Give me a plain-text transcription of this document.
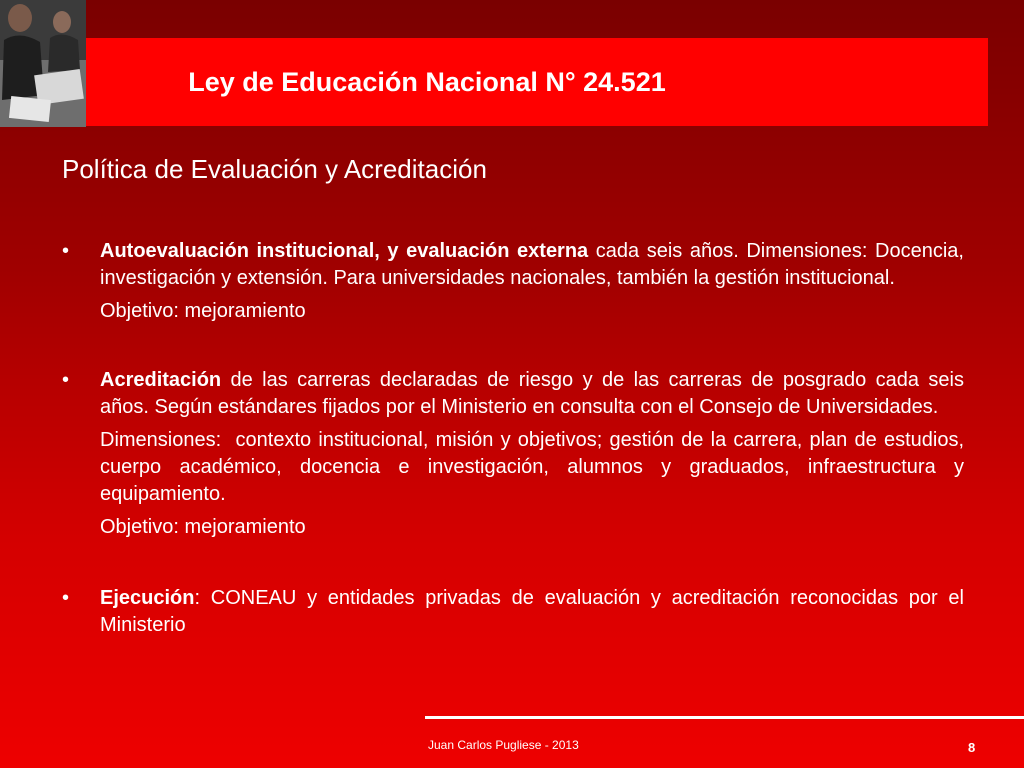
Ley de Educación Nacional N° 24.521
Política de Evaluación y Acreditación
• Autoevaluación institucional, y evaluación externa cada seis años. Dimensiones: Docencia, investigación y extensión. Para universidades nacionales, también la gestión institucional.

Objetivo: mejoramiento

• Acreditación de las carreras declaradas de riesgo y de las carreras de posgrado cada seis años. Según estándares fijados por el Ministerio en consulta con el Consejo de Universidades.

Dimensiones:  contexto institucional, misión y objetivos; gestión de la carrera, plan de estudios, cuerpo académico, docencia e investigación, alumnos y graduados, infraestructura y equipamiento.

Objetivo: mejoramiento

• Ejecución: CONEAU y entidades privadas de evaluación y acreditación reconocidas por el Ministerio

Juan Carlos Pugliese - 2013	8
